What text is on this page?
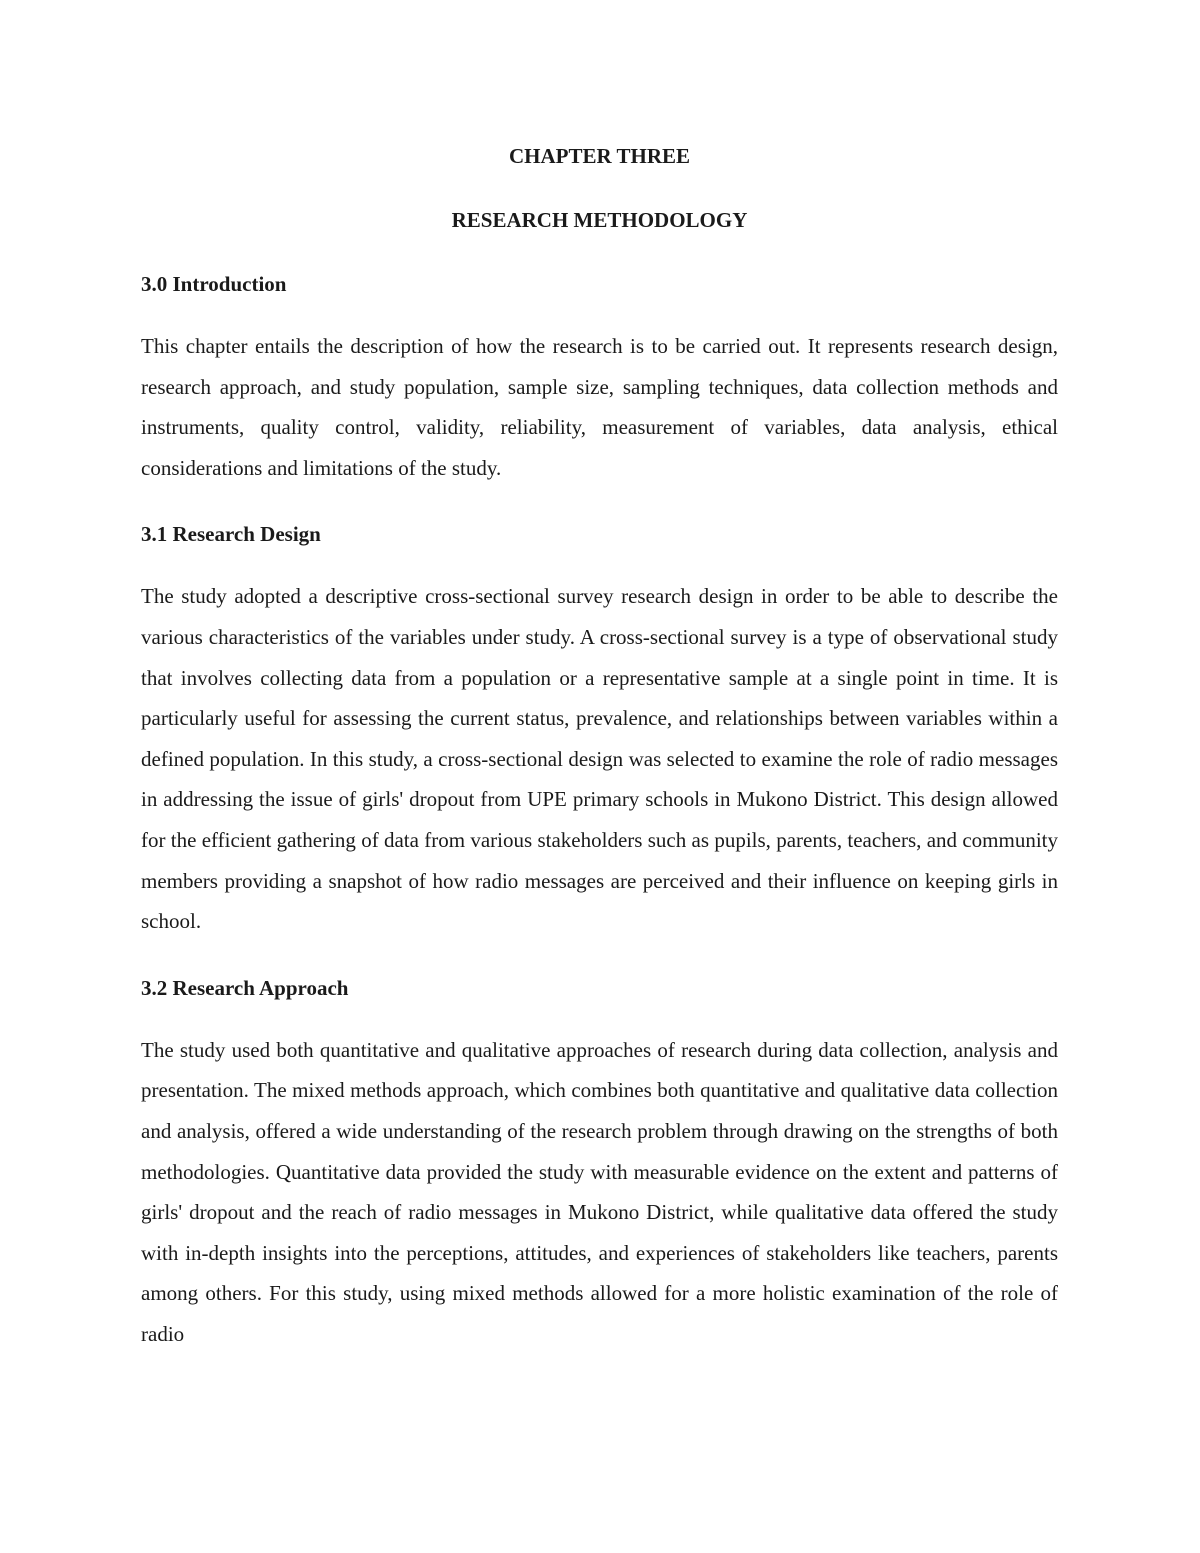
CHAPTER THREE
RESEARCH METHODOLOGY
3.0 Introduction

This chapter entails the description of how the research is to be carried out. It represents research design, research approach, and study population, sample size, sampling techniques, data collection methods and instruments, quality control, validity, reliability, measurement of variables, data analysis, ethical considerations and limitations of the study.

3.1 Research Design

The study adopted a descriptive cross-sectional survey research design in order to be able to describe the various characteristics of the variables under study. A cross-sectional survey is a type of observational study that involves collecting data from a population or a representative sample at a single point in time. It is particularly useful for assessing the current status, prevalence, and relationships between variables within a defined population. In this study, a cross-sectional design was selected to examine the role of radio messages in addressing the issue of girls' dropout from UPE primary schools in Mukono District. This design allowed for the efficient gathering of data from various stakeholders such as pupils, parents, teachers, and community members providing a snapshot of how radio messages are perceived and their influence on keeping girls in school.

3.2 Research Approach

The study used both quantitative and qualitative approaches of research during data collection, analysis and presentation. The mixed methods approach, which combines both quantitative and qualitative data collection and analysis, offered a wide understanding of the research problem through drawing on the strengths of both methodologies. Quantitative data provided the study with measurable evidence on the extent and patterns of girls' dropout and the reach of radio messages in Mukono District, while qualitative data offered the study with in-depth insights into the perceptions, attitudes, and experiences of stakeholders like teachers, parents among others. For this study, using mixed methods allowed for a more holistic examination of the role of radio
